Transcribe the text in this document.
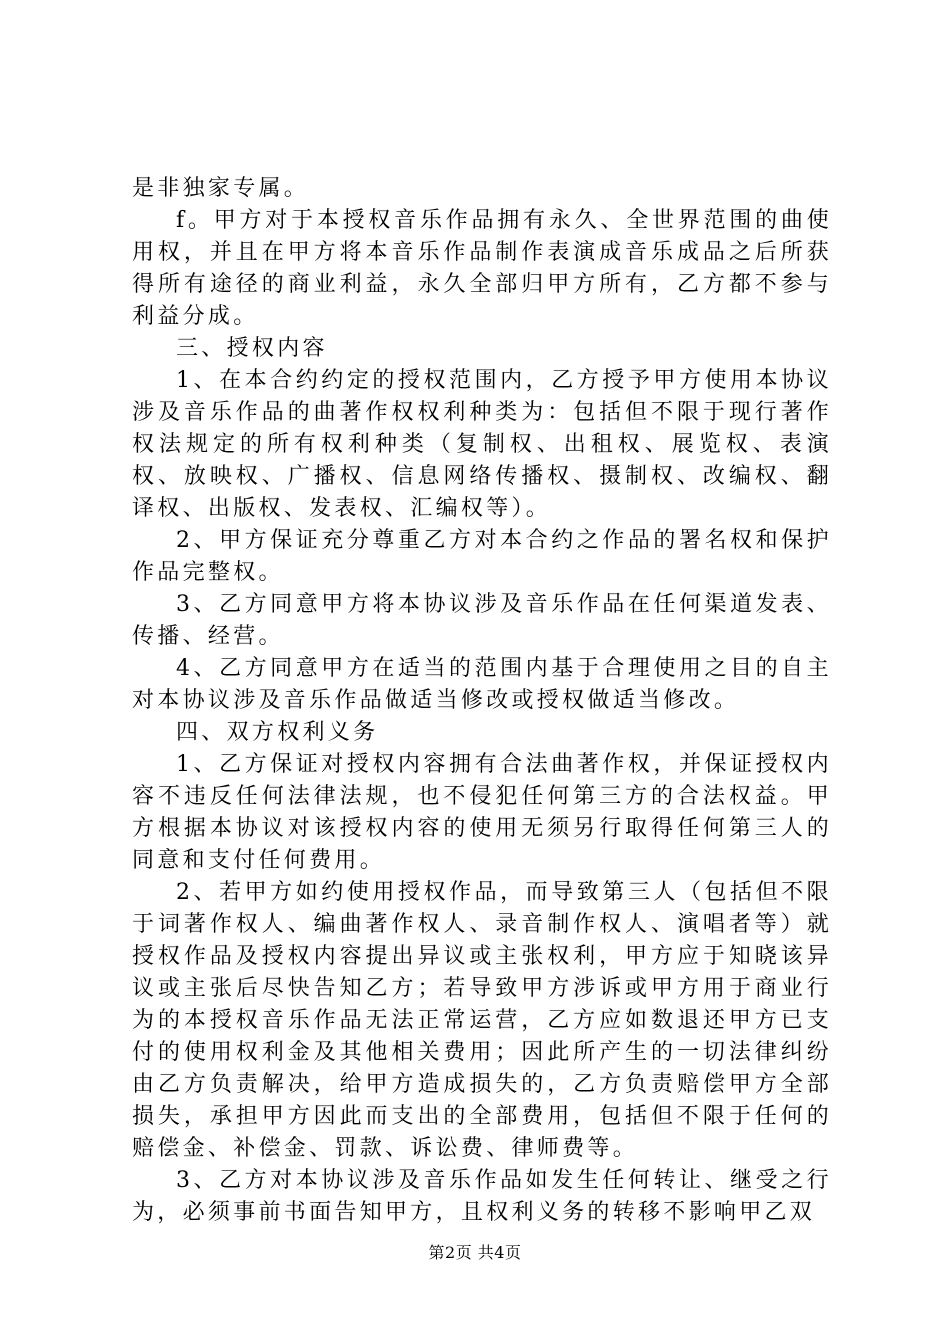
是非独家专属。

f。甲方对于本授权音乐作品拥有永久、全世界范围的曲使用权，并且在甲方将本音乐作品制作表演成音乐成品之后所获得所有途径的商业利益，永久全部归甲方所有，乙方都不参与利益分成。

三、授权内容

1、在本合约约定的授权范围内，乙方授予甲方使用本协议涉及音乐作品的曲著作权权利种类为：包括但不限于现行著作权法规定的所有权利种类（复制权、出租权、展览权、表演权、放映权、广播权、信息网络传播权、摄制权、改编权、翻译权、出版权、发表权、汇编权等）。

2、甲方保证充分尊重乙方对本合约之作品的署名权和保护作品完整权。

3、乙方同意甲方将本协议涉及音乐作品在任何渠道发表、传播、经营。

4、乙方同意甲方在适当的范围内基于合理使用之目的自主对本协议涉及音乐作品做适当修改或授权做适当修改。

四、双方权利义务

1、乙方保证对授权内容拥有合法曲著作权，并保证授权内容不违反任何法律法规，也不侵犯任何第三方的合法权益。甲方根据本协议对该授权内容的使用无须另行取得任何第三人的同意和支付任何费用。

2、若甲方如约使用授权作品，而导致第三人（包括但不限于词著作权人、编曲著作权人、录音制作权人、演唱者等）就授权作品及授权内容提出异议或主张权利，甲方应于知晓该异议或主张后尽快告知乙方；若导致甲方涉诉或甲方用于商业行为的本授权音乐作品无法正常运营，乙方应如数退还甲方已支付的使用权利金及其他相关费用；因此所产生的一切法律纠纷由乙方负责解决，给甲方造成损失的，乙方负责赔偿甲方全部损失，承担甲方因此而支出的全部费用，包括但不限于任何的赔偿金、补偿金、罚款、诉讼费、律师费等。

3、乙方对本协议涉及音乐作品如发生任何转让、继受之行为，必须事前书面告知甲方，且权利义务的转移不影响甲乙双

第2页 共4页
